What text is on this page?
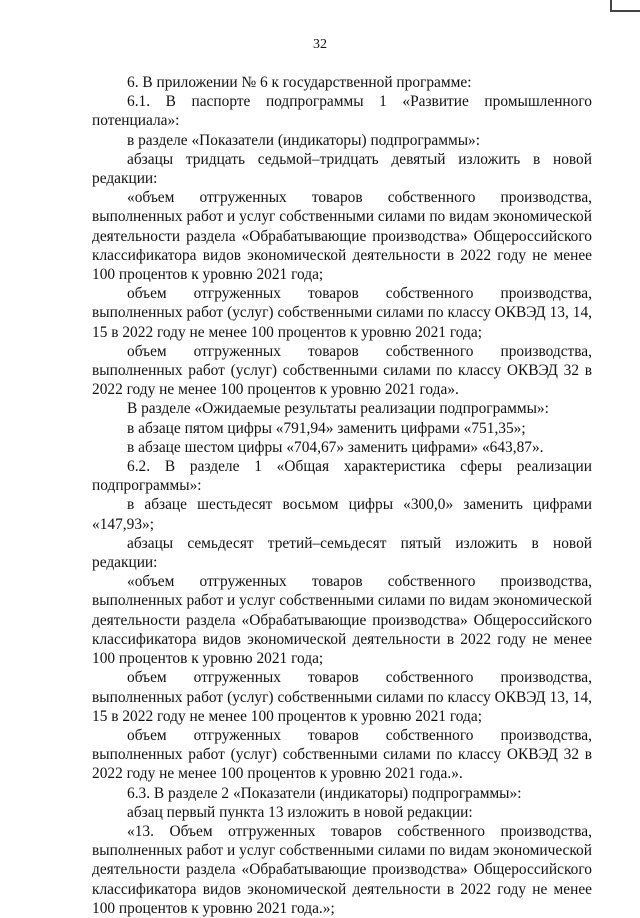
32

6. В приложении № 6 к государственной программе:

6.1. В паспорте подпрограммы 1 «Развитие промышленного потенциала»:

в разделе «Показатели (индикаторы) подпрограммы»:

абзацы тридцать седьмой–тридцать девятый изложить в новой редакции:

«объем отгруженных товаров собственного производства, выполненных работ и услуг собственными силами по видам экономической деятельности раздела «Обрабатывающие производства» Общероссийского классификатора видов экономической деятельности в 2022 году не менее 100 процентов к уровню 2021 года;

объем отгруженных товаров собственного производства, выполненных работ (услуг) собственными силами по классу ОКВЭД 13, 14, 15 в 2022 году не менее 100 процентов к уровню 2021 года;

объем отгруженных товаров собственного производства, выполненных работ (услуг) собственными силами по классу ОКВЭД 32 в 2022 году не менее 100 процентов к уровню 2021 года».

В разделе «Ожидаемые результаты реализации подпрограммы»:

в абзаце пятом цифры «791,94» заменить цифрами «751,35»;

в абзаце шестом цифры «704,67» заменить цифрами» «643,87».

6.2. В разделе 1 «Общая характеристика сферы реализации подпрограммы»:

в абзаце шестьдесят восьмом цифры «300,0» заменить цифрами «147,93»;

абзацы семьдесят третий–семьдесят пятый изложить в новой редакции:

«объем отгруженных товаров собственного производства, выполненных работ и услуг собственными силами по видам экономической деятельности раздела «Обрабатывающие производства» Общероссийского классификатора видов экономической деятельности в 2022 году не менее 100 процентов к уровню 2021 года;

объем отгруженных товаров собственного производства, выполненных работ (услуг) собственными силами по классу ОКВЭД 13, 14, 15 в 2022 году не менее 100 процентов к уровню 2021 года;

объем отгруженных товаров собственного производства, выполненных работ (услуг) собственными силами по классу ОКВЭД 32 в 2022 году не менее 100 процентов к уровню 2021 года.».

6.3. В разделе 2 «Показатели (индикаторы) подпрограммы»:

абзац первый пункта 13 изложить в новой редакции:

«13. Объем отгруженных товаров собственного производства, выполненных работ и услуг собственными силами по видам экономической деятельности раздела «Обрабатывающие производства» Общероссийского классификатора видов экономической деятельности в 2022 году не менее 100 процентов к уровню 2021 года.»;
